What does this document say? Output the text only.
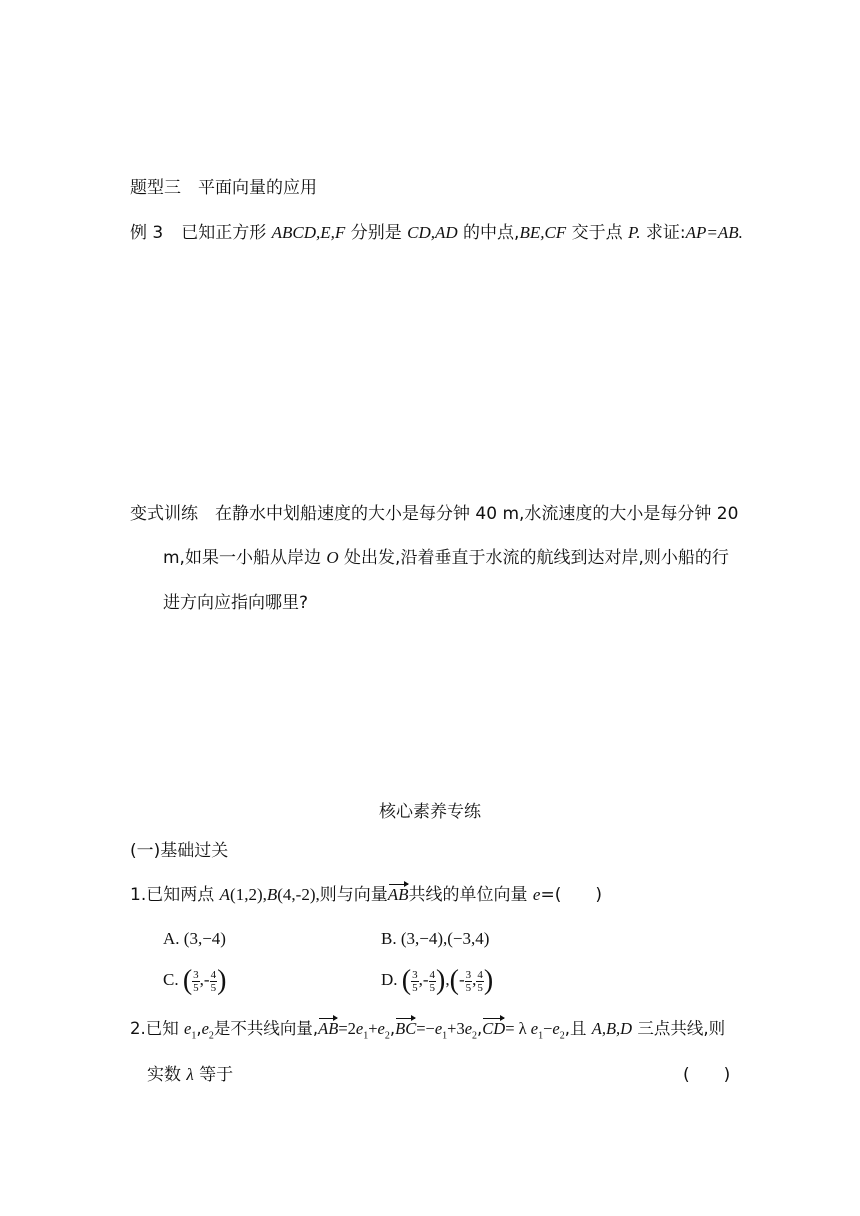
题型三　平面向量的应用
例 3 已知正方形 ABCD,E,F 分别是 CD,AD 的中点,BE,CF 交于点 P. 求证:AP=AB.
变式训练 在静水中划船速度的大小是每分钟 40 m,水流速度的大小是每分钟 20
m,如果一小船从岸边 O 处出发,沿着垂直于水流的航线到达对岸,则小船的行
进方向应指向哪里?
核心素养专练
(一)基础过关
1.已知两点 A(1,2),B(4,-2),则与向量AB共线的单位向量 e=(　　)
A. (3,−4)	B. (3,−4),(−3,4)
C. ( $\frac{3}{5}$ ,- $\frac{4}{5}$ )	D. ( $\frac{3}{5}$ ,- $\frac{4}{5}$ ),(- $\frac{3}{5}$ , $\frac{4}{5}$ )
2.已知 $e_1,e_2$是不共线向量$,AB=2e_1+e_2,BC=-e_1+3e_2,CD= \lambda$ $e_1-e_2$,且 A,B,D 三点共线,则
实数 λ 等于	(　　)
